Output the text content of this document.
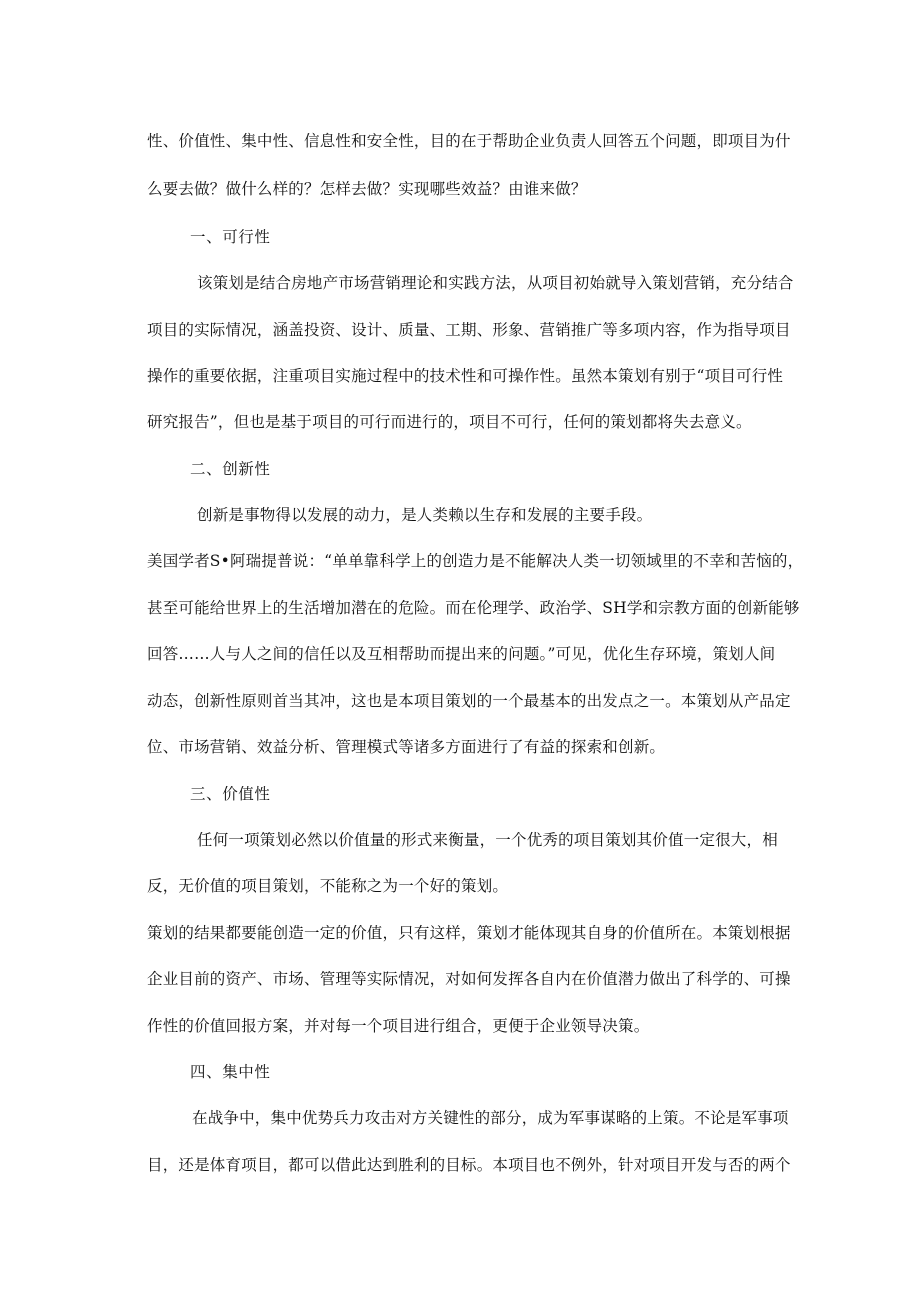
性、价值性、集中性、信息性和安全性，目的在于帮助企业负责人回答五个问题，即项目为什

么要去做？做什么样的？怎样去做？实现哪些效益？由谁来做？

一、可行性

该策划是结合房地产市场营销理论和实践方法，从项目初始就导入策划营销，充分结合

项目的实际情况，涵盖投资、设计、质量、工期、形象、营销推广等多项内容，作为指导项目

操作的重要依据，注重项目实施过程中的技术性和可操作性。虽然本策划有别于“项目可行性

研究报告”，但也是基于项目的可行而进行的，项目不可行，任何的策划都将失去意义。

二、创新性

创新是事物得以发展的动力，是人类赖以生存和发展的主要手段。

美国学者S•阿瑞提普说：“单单靠科学上的创造力是不能解决人类一切领域里的不幸和苦恼的，

甚至可能给世界上的生活增加潜在的危险。而在伦理学、政治学、SH学和宗教方面的创新能够

回答……人与人之间的信任以及互相帮助而提出来的问题。”可见，优化生存环境，策划人间

动态，创新性原则首当其冲，这也是本项目策划的一个最基本的出发点之一。本策划从产品定

位、市场营销、效益分析、管理模式等诸多方面进行了有益的探索和创新。

三、价值性

任何一项策划必然以价值量的形式来衡量，一个优秀的项目策划其价值一定很大，相

反，无价值的项目策划，不能称之为一个好的策划。

策划的结果都要能创造一定的价值，只有这样，策划才能体现其自身的价值所在。本策划根据

企业目前的资产、市场、管理等实际情况，对如何发挥各自内在价值潜力做出了科学的、可操

作性的价值回报方案，并对每一个项目进行组合，更便于企业领导决策。

四、集中性

在战争中，集中优势兵力攻击对方关键性的部分，成为军事谋略的上策。不论是军事项

目，还是体育项目，都可以借此达到胜利的目标。本项目也不例外，针对项目开发与否的两个
